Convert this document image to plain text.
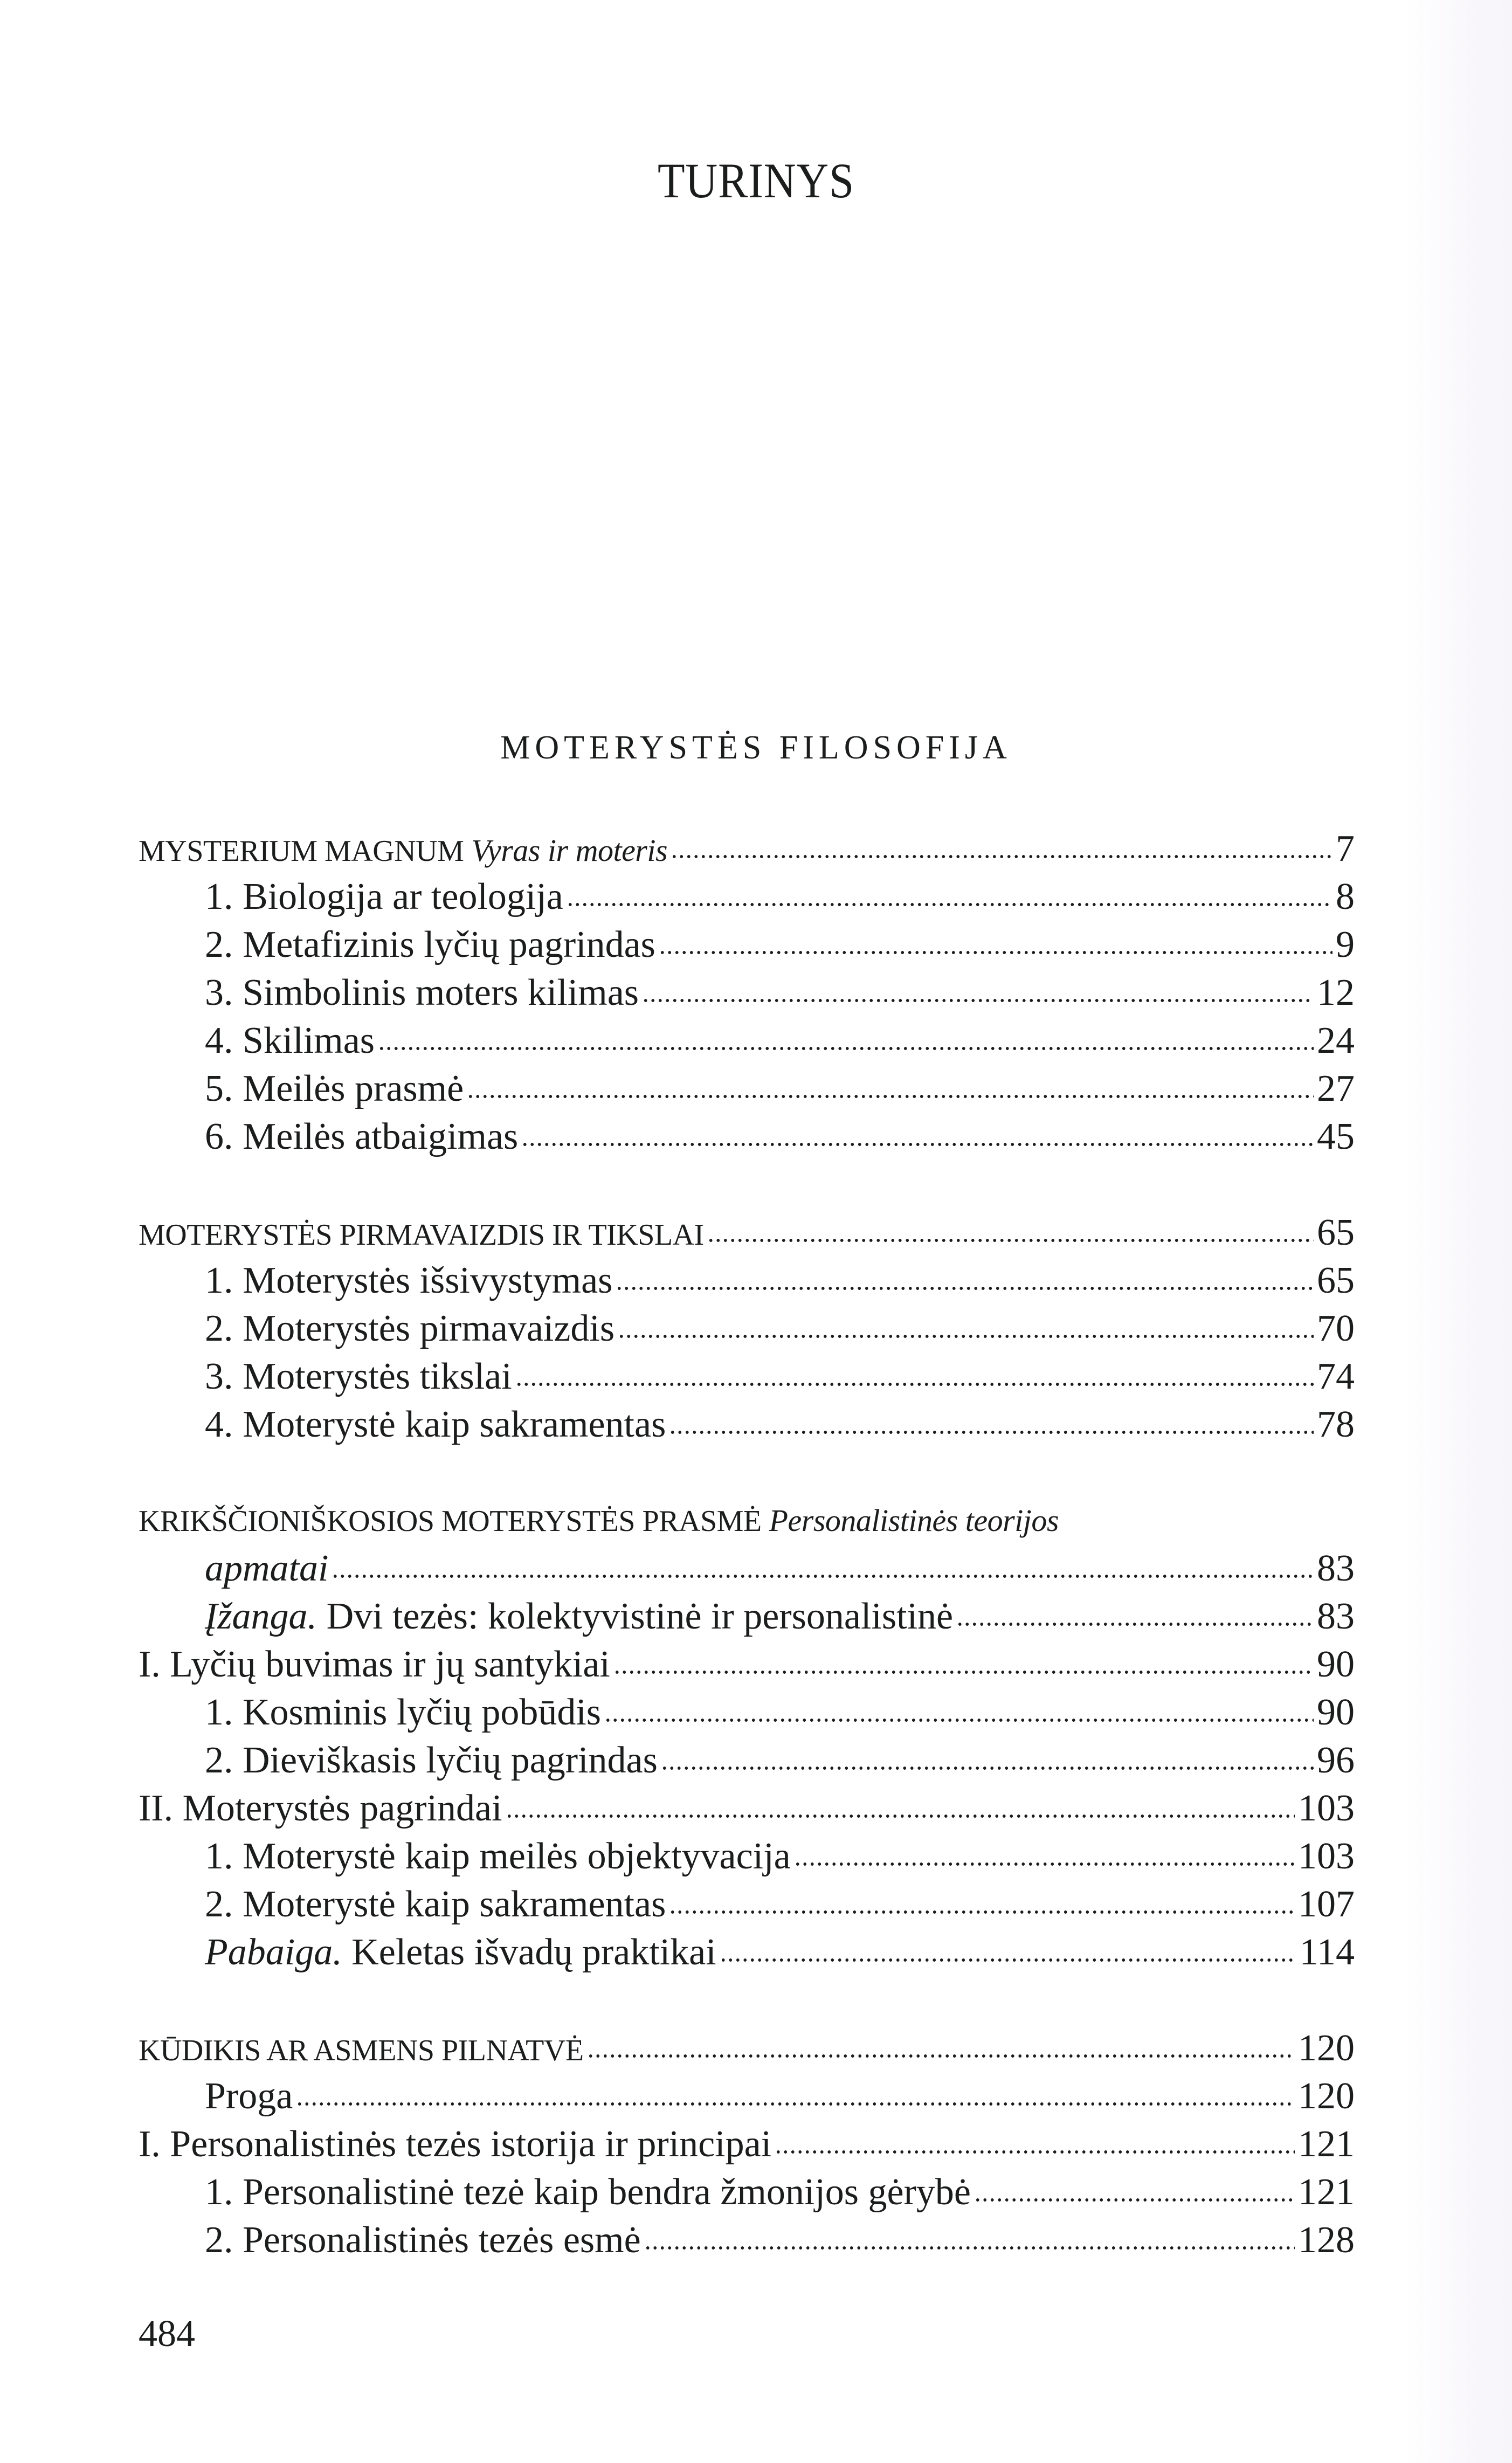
TURINYS
MOTERYSTĖS FILOSOFIJA
MYSTERIUM MAGNUM Vyras ir moteris	7
1. Biologija ar teologija	8
2. Metafizinis lyčių pagrindas	9
3. Simbolinis moters kilimas	12
4. Skilimas	24
5. Meilės prasmė	27
6. Meilės atbaigimas	45
MOTERYSTĖS PIRMAVAIZDIS IR TIKSLAI	65
1. Moterystės išsivystymas	65
2. Moterystės pirmavaizdis	70
3. Moterystės tikslai	74
4. Moterystė kaip sakramentas	78
KRIKŠČIONIŠKOSIOS MOTERYSTĖS PRASMĖ Personalistinės teorijos
apmatai	83
Įžanga. Dvi tezės: kolektyvistinė ir personalistinė	83
I. Lyčių buvimas ir jų santykiai	90
1. Kosminis lyčių pobūdis	90
2. Dieviškasis lyčių pagrindas	96
II. Moterystės pagrindai	103
1. Moterystė kaip meilės objektyvacija	103
2. Moterystė kaip sakramentas	107
Pabaiga. Keletas išvadų praktikai	114
KŪDIKIS AR ASMENS PILNATVĖ	120
Proga	120
I. Personalistinės tezės istorija ir principai	121
1. Personalistinė tezė kaip bendra žmonijos gėrybė	121
2. Personalistinės tezės esmė	128
484
